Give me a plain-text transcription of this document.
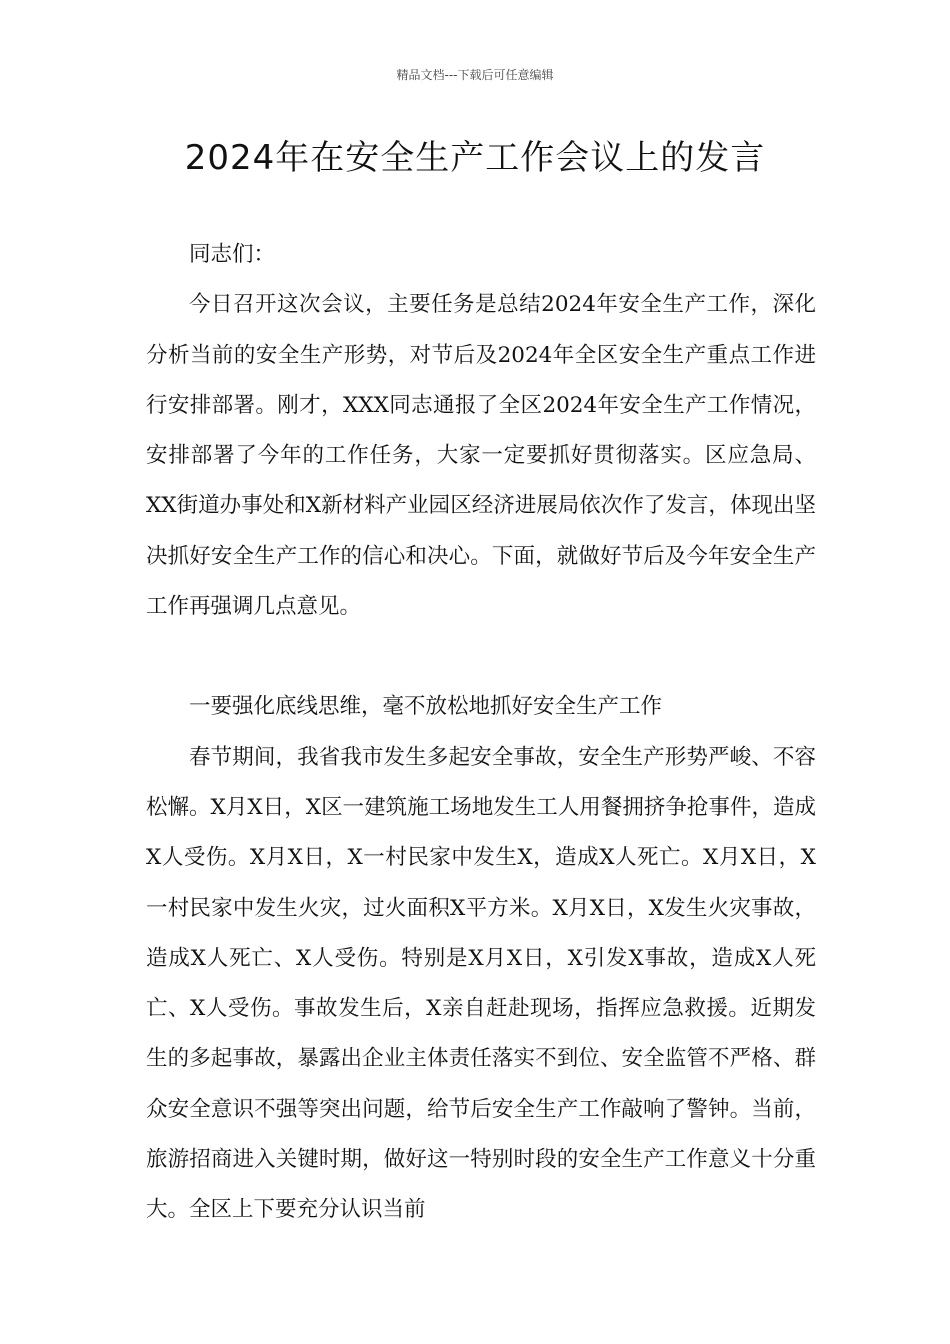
精品文档---下载后可任意编辑
2024年在安全生产工作会议上的发言

同志们：

今日召开这次会议，主要任务是总结2024年安全生产工作，深化分析当前的安全生产形势，对节后及2024年全区安全生产重点工作进行安排部署。刚才，XXX同志通报了全区2024年安全生产工作情况，安排部署了今年的工作任务，大家一定要抓好贯彻落实。区应急局、XX街道办事处和X新材料产业园区经济进展局依次作了发言，体现出坚决抓好安全生产工作的信心和决心。下面，就做好节后及今年安全生产工作再强调几点意见。

一要强化底线思维，毫不放松地抓好安全生产工作

春节期间，我省我市发生多起安全事故，安全生产形势严峻、不容松懈。X月X日，X区一建筑施工场地发生工人用餐拥挤争抢事件，造成X人受伤。X月X日，X一村民家中发生X，造成X人死亡。X月X日，X一村民家中发生火灾，过火面积X平方米。X月X日，X发生火灾事故，造成X人死亡、X人受伤。特别是X月X日，X引发X事故，造成X人死亡、X人受伤。事故发生后，X亲自赶赴现场，指挥应急救援。近期发生的多起事故，暴露出企业主体责任落实不到位、安全监管不严格、群众安全意识不强等突出问题，给节后安全生产工作敲响了警钟。当前，旅游招商进入关键时期，做好这一特别时段的安全生产工作意义十分重大。全区上下要充分认识当前
